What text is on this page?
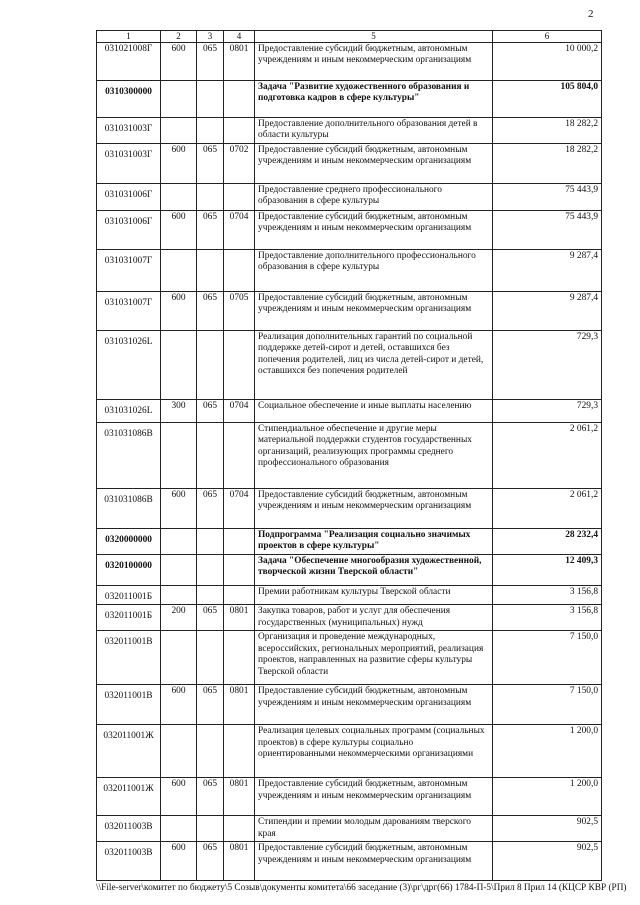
2
1	2	3	4	5	6
031021008Г	600	065	0801	Предоставление субсидий бюджетным, автономным учреждениям и иным некоммерческим организациям	10 000,2
0310300000				Задача "Развитие художественного образования и подготовка кадров в сфере культуры"	105 804,0
031031003Г				Предоставление дополнительного образования детей в области культуры	18 282,2
031031003Г	600	065	0702	Предоставление субсидий бюджетным, автономным учреждениям и иным некоммерческим организациям	18 282,2
031031006Г				Предоставление среднего профессионального образования в сфере культуры	75 443,9
031031006Г	600	065	0704	Предоставление субсидий бюджетным, автономным учреждениям и иным некоммерческим организациям	75 443,9
031031007Г				Предоставление дополнительного профессионального образования в сфере культуры	9 287,4
031031007Г	600	065	0705	Предоставление субсидий бюджетным, автономным учреждениям и иным некоммерческим организациям	9 287,4
031031026L				Реализация дополнительных гарантий по социальной поддержке детей-сирот и детей, оставшихся без попечения родителей, лиц из числа детей-сирот и детей, оставшихся без попечения родителей	729,3
031031026L	300	065	0704	Социальное обеспечение и иные выплаты населению	729,3
031031086В				Стипендиальное обеспечение и другие меры материальной поддержки студентов государственных организаций, реализующих программы среднего профессионального образования	2 061,2
031031086В	600	065	0704	Предоставление субсидий бюджетным, автономным учреждениям и иным некоммерческим организациям	2 061,2
0320000000				Подпрограмма "Реализация социально значимых проектов в сфере культуры"	28 232,4
0320100000				Задача "Обеспечение многообразия художественной, творческой жизни Тверской области"	12 409,3
032011001Б				Премии работникам культуры Тверской области	3 156,8
032011001Б	200	065	0801	Закупка товаров, работ и услуг для обеспечения государственных (муниципальных) нужд	3 156,8
032011001В				Организация и проведение международных, всероссийских, региональных мероприятий, реализация проектов, направленных на развитие сферы культуры Тверской области	7 150,0
032011001В	600	065	0801	Предоставление субсидий бюджетным, автономным учреждениям и иным некоммерческим организациям	7 150,0
032011001Ж				Реализация целевых социальных программ (социальных проектов) в сфере культуры социально ориентированными некоммерческими организациями	1 200,0
032011001Ж	600	065	0801	Предоставление субсидий бюджетным, автономным учреждениям и иным некоммерческим организациям	1 200,0
032011003В				Стипендии и премии молодым дарованиям тверского края	902,5
032011003В	600	065	0801	Предоставление субсидий бюджетным, автономным учреждениям и иным некоммерческим организациям	902,5
\\File-server\комитет по бюджету\5 Созыв\документы комитета\66 заседание (3)\рг\дрг(66) 1784-П-5\Прил 8 Прил 14 (КЦСР КВР (РП)
